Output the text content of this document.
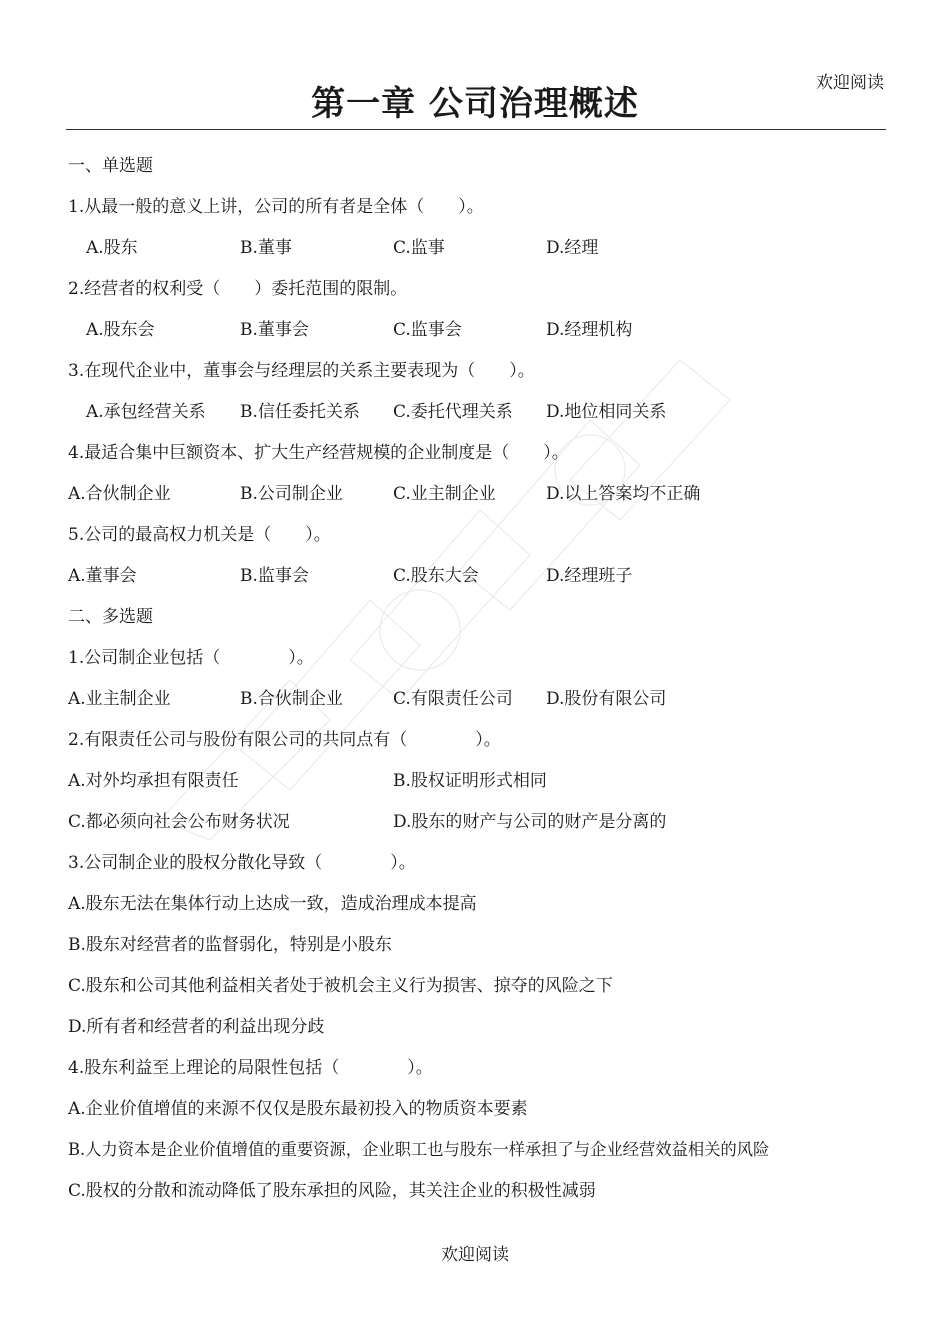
欢迎阅读
第一章 公司治理概述
一、单选题
1.从最一般的意义上讲，公司的所有者是全体（　　）。
A.股东	B.董事	C.监事	D.经理
2.经营者的权利受（　　）委托范围的限制。
A.股东会	B.董事会	C.监事会	D.经理机构
3.在现代企业中，董事会与经理层的关系主要表现为（　　）。
A.承包经营关系 B.信任委托关系 C.委托代理关系 D.地位相同关系
4.最适合集中巨额资本、扩大生产经营规模的企业制度是（　　）。
A.合伙制企业	B.公司制企业	C.业主制企业	D.以上答案均不正确
5.公司的最高权力机关是（　　）。
A.董事会	B.监事会	C.股东大会	D.经理班子
二、多选题
1.公司制企业包括（　　　　）。
A.业主制企业	B.合伙制企业	C.有限责任公司 D.股份有限公司
2.有限责任公司与股份有限公司的共同点有（　　　　）。
A.对外均承担有限责任	B.股权证明形式相同
C.都必须向社会公布财务状况	D.股东的财产与公司的财产是分离的
3.公司制企业的股权分散化导致（　　　　）。
A.股东无法在集体行动上达成一致，造成治理成本提高
B.股东对经营者的监督弱化，特别是小股东
C.股东和公司其他利益相关者处于被机会主义行为损害、掠夺的风险之下
D.所有者和经营者的利益出现分歧
4.股东利益至上理论的局限性包括（　　　　）。
A.企业价值增值的来源不仅仅是股东最初投入的物质资本要素
B.人力资本是企业价值增值的重要资源，企业职工也与股东一样承担了与企业经营效益相关的风险
C.股权的分散和流动降低了股东承担的风险，其关注企业的积极性减弱
欢迎阅读
